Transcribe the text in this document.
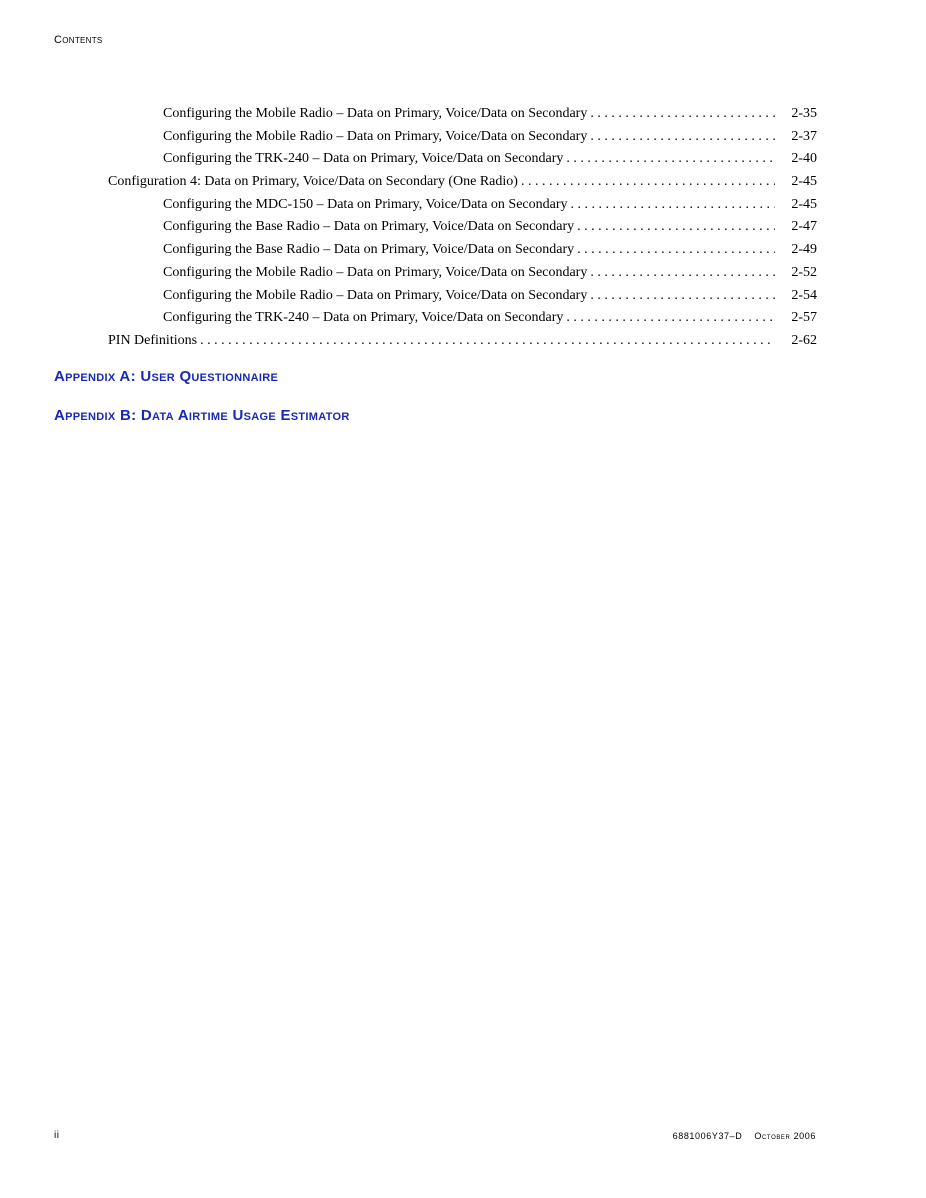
Contents
Configuring the Mobile Radio – Data on Primary, Voice/Data on Secondary . . .	2-35
Configuring the Mobile Radio – Data on Primary, Voice/Data on Secondary . . .	2-37
Configuring the TRK-240 – Data on Primary, Voice/Data on Secondary . . .	2-40
Configuration 4: Data on Primary, Voice/Data on Secondary (One Radio) . . .	2-45
Configuring the MDC-150 – Data on Primary, Voice/Data on Secondary . . .	2-45
Configuring the Base Radio – Data on Primary, Voice/Data on Secondary . . .	2-47
Configuring the Base Radio – Data on Primary, Voice/Data on Secondary . . .	2-49
Configuring the Mobile Radio – Data on Primary, Voice/Data on Secondary . . .	2-52
Configuring the Mobile Radio – Data on Primary, Voice/Data on Secondary . . .	2-54
Configuring the TRK-240 – Data on Primary, Voice/Data on Secondary . . .	2-57
PIN Definitions . . .	2-62
Appendix A: User Questionnaire
Appendix B: Data Airtime Usage Estimator
ii	6881006Y37–D October 2006
